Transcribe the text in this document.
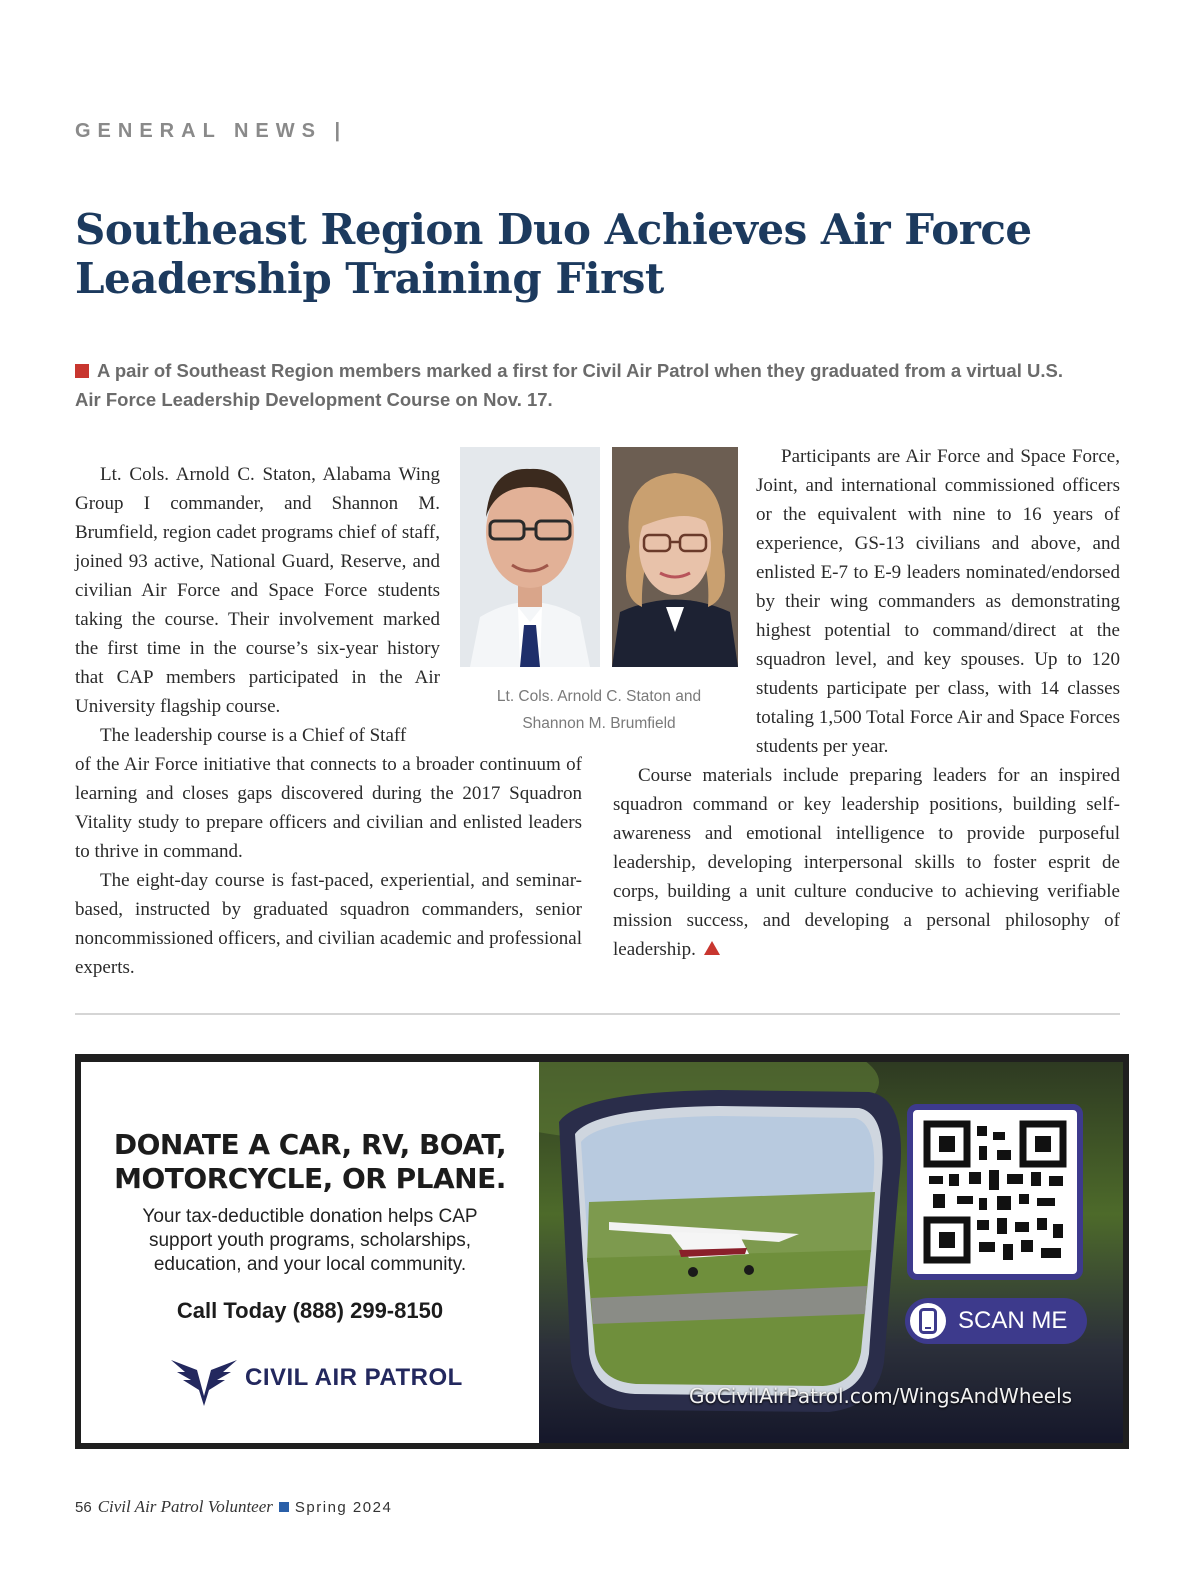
GENERAL NEWS |
Southeast Region Duo Achieves Air Force Leadership Training First
A pair of Southeast Region members marked a first for Civil Air Patrol when they graduated from a virtual U.S. Air Force Leadership Development Course on Nov. 17.

Lt. Cols. Arnold C. Staton, Alabama Wing Group I commander, and Shannon M. Brumfield, region cadet programs chief of staff, joined 93 active, National Guard, Reserve, and civilian Air Force and Space Force students taking the course. Their involvement marked the first time in the course’s six-year history that CAP members participated in the Air University flagship course.

The leadership course is a Chief of Staff

of the Air Force initiative that connects to a broader continuum of learning and closes gaps discovered during the 2017 Squadron Vitality study to prepare officers and civilian and enlisted leaders to thrive in command.

The eight-day course is fast-paced, experiential, and seminar-based, instructed by graduated squadron commanders, senior noncommissioned officers, and civilian academic and professional experts.

Lt. Cols. Arnold C. Staton and
Shannon M. Brumfield

Participants are Air Force and Space Force, Joint, and international commissioned officers or the equivalent with nine to 16 years of experience, GS-13 civilians and above, and enlisted E-7 to E-9 leaders nominated/endorsed by their wing commanders as demonstrating highest potential to command/direct at the squadron level, and key spouses. Up to 120 students participate per class, with 14 classes totaling 1,500 Total Force Air and Space Forces students per year.

Course materials include preparing leaders for an inspired squadron command or key leadership positions, building self-awareness and emotional intelligence to provide purposeful leadership, developing interpersonal skills to foster esprit de corps, building a unit culture conducive to achieving verifiable mission success, and developing a personal philosophy of leadership.

DONATE A CAR, RV, BOAT,
MOTORCYCLE, OR PLANE.
Your tax-deductible donation helps CAP
support youth programs, scholarships,
education, and your local community.
Call Today (888) 299-8150
CIVIL AIR PATROL
SCAN ME
GoCivilAirPatrol.com/WingsAndWheels
56 Civil Air Patrol Volunteer Spring 2024
